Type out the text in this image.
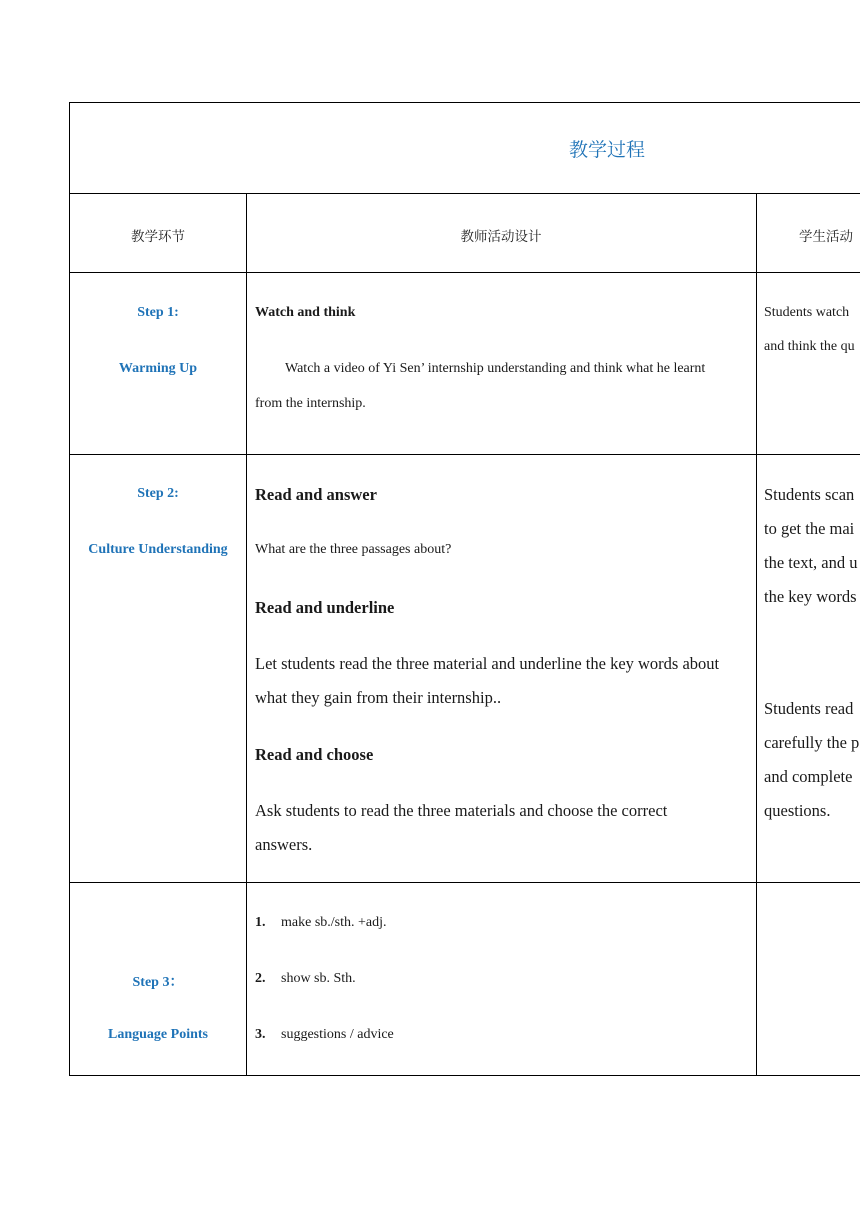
教学过程
教学环节	教师活动设计	学生活动
Step 1:
Warming Up
Watch and think
Watch a video of Yi Sen’ internship understanding and think what he learnt
from the internship.
Students watch
and think the qu
Step 2:
Culture Understanding
Read and answer
What are the three passages about?
Read and underline
Let students read the three material and underline the key words about
what they gain from their internship..
Read and choose
Ask students to read the three materials and choose the correct
answers.
Students scan
to get the mai
the text, and u
the key words
Students read
carefully the p
and complete
questions.
Step 3：
Language Points
1. make sb./sth. +adj.
2. show sb. Sth.
3. suggestions / advice
